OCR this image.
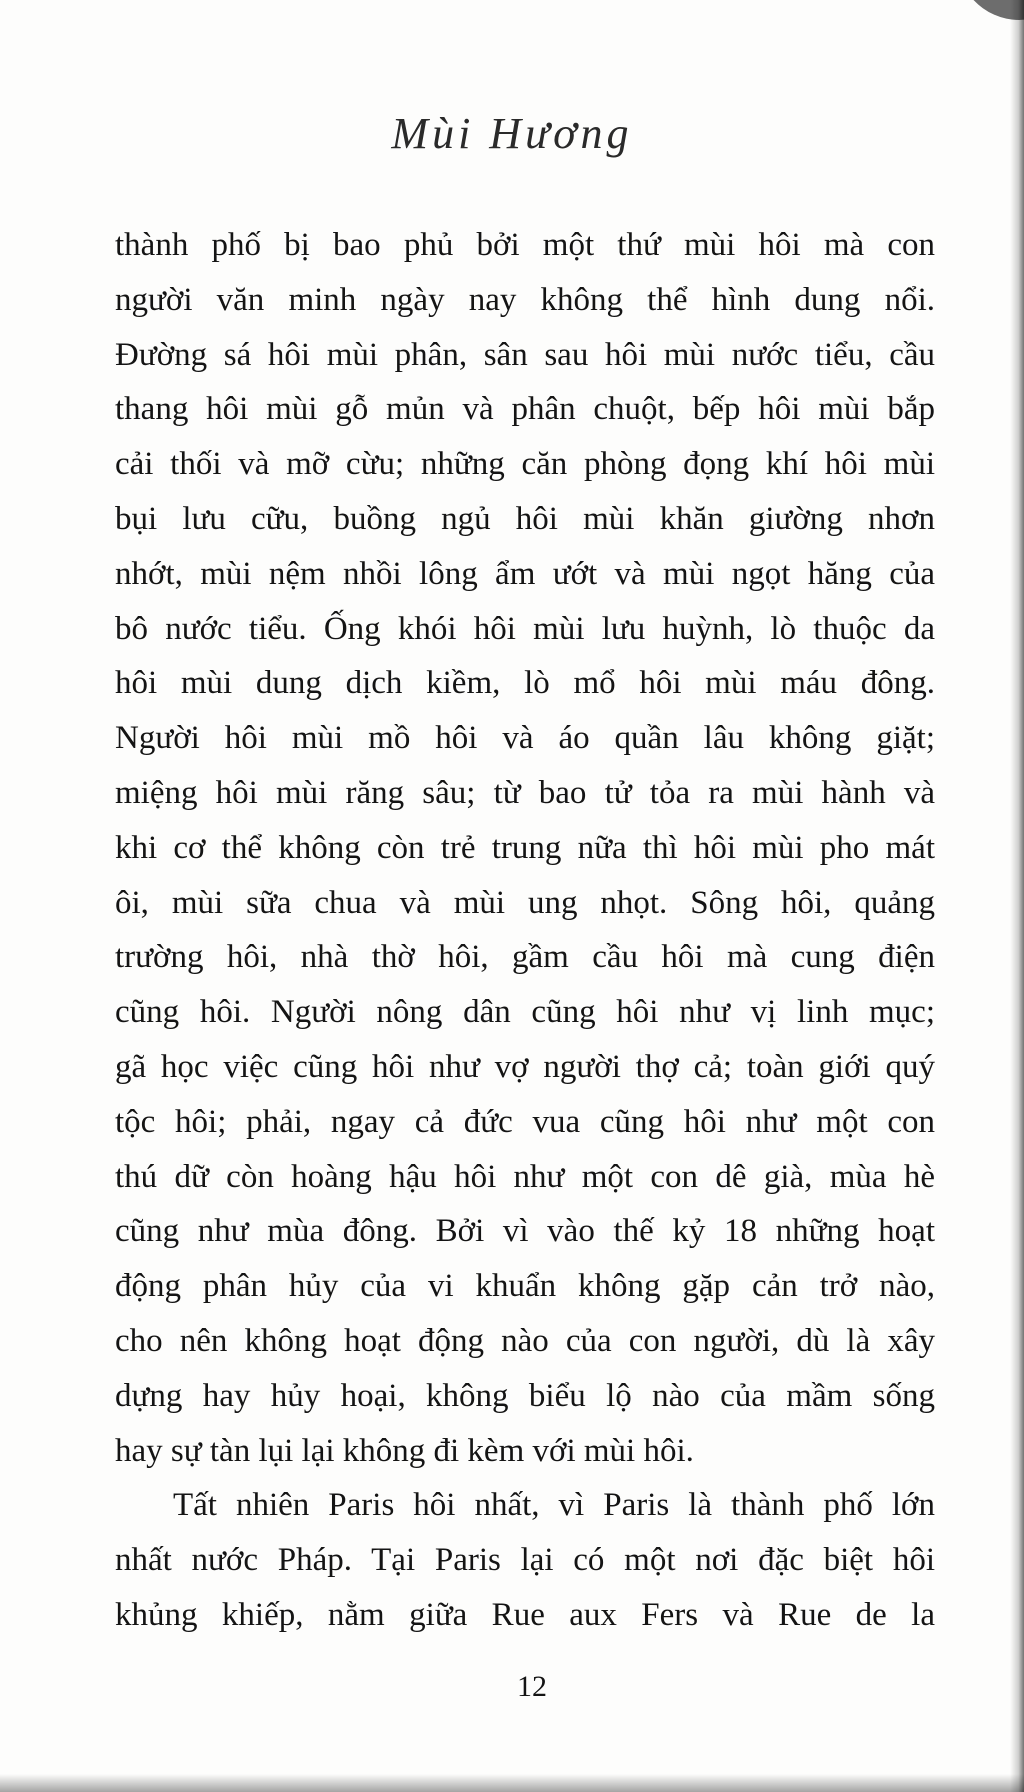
Mùi Hương
thành phố bị bao phủ bởi một thứ mùi hôi mà con
người văn minh ngày nay không thể hình dung nổi.
Đường sá hôi mùi phân, sân sau hôi mùi nước tiểu, cầu
thang hôi mùi gỗ mủn và phân chuột, bếp hôi mùi bắp
cải thối và mỡ cừu; những căn phòng đọng khí hôi mùi
bụi lưu cữu, buồng ngủ hôi mùi khăn giường nhơn
nhớt, mùi nệm nhồi lông ẩm ướt và mùi ngọt hăng của
bô nước tiểu. Ống khói hôi mùi lưu huỳnh, lò thuộc da
hôi mùi dung dịch kiềm, lò mổ hôi mùi máu đông.
Người hôi mùi mồ hôi và áo quần lâu không giặt;
miệng hôi mùi răng sâu; từ bao tử tỏa ra mùi hành và
khi cơ thể không còn trẻ trung nữa thì hôi mùi pho mát
ôi, mùi sữa chua và mùi ung nhọt. Sông hôi, quảng
trường hôi, nhà thờ hôi, gầm cầu hôi mà cung điện
cũng hôi. Người nông dân cũng hôi như vị linh mục;
gã học việc cũng hôi như vợ người thợ cả; toàn giới quý
tộc hôi; phải, ngay cả đức vua cũng hôi như một con
thú dữ còn hoàng hậu hôi như một con dê già, mùa hè
cũng như mùa đông. Bởi vì vào thế kỷ 18 những hoạt
động phân hủy của vi khuẩn không gặp cản trở nào,
cho nên không hoạt động nào của con người, dù là xây
dựng hay hủy hoại, không biểu lộ nào của mầm sống
hay sự tàn lụi lại không đi kèm với mùi hôi.
Tất nhiên Paris hôi nhất, vì Paris là thành phố lớn
nhất nước Pháp. Tại Paris lại có một nơi đặc biệt hôi
khủng khiếp, nằm giữa Rue aux Fers và Rue de la
12
